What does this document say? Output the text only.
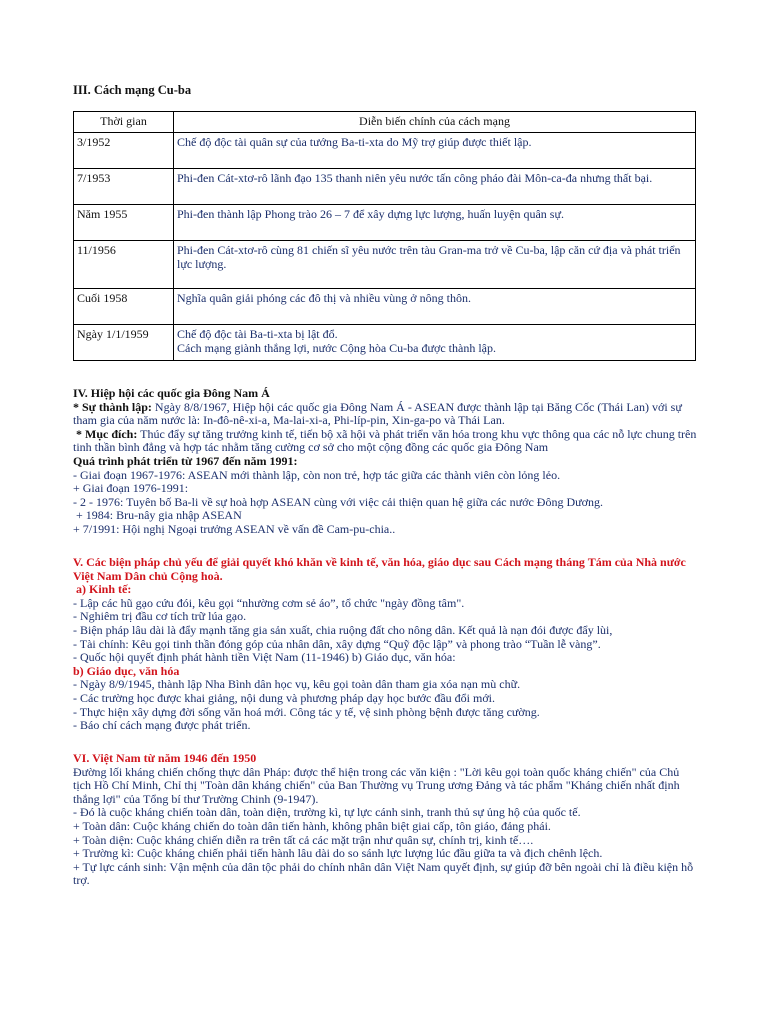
III. Cách mạng Cu-ba
Thời gian	Diễn biến chính của cách mạng
3/1952	Chế độ độc tài quân sự của tướng Ba-ti-xta do Mỹ trợ giúp được thiết lập.

7/1953	Phi-đen Cát-xtơ-rô lãnh đạo 135 thanh niên yêu nước tấn công pháo đài Môn-ca-đa nhưng thất bại.

Năm 1955	Phi-đen thành lập Phong trào 26 – 7 để xây dựng lực lượng, huấn luyện quân sự.

11/1956	Phi-đen Cát-xtơ-rô cùng 81 chiến sĩ yêu nước trên tàu Gran-ma trở về Cu-ba, lập căn cứ địa và phát triển lực lượng.

Cuối 1958	Nghĩa quân giải phóng các đô thị và nhiều vùng ở nông thôn.

Ngày 1/1/1959	Chế độ độc tài Ba-ti-xta bị lật đổ.
Cách mạng giành thắng lợi, nước Cộng hòa Cu-ba được thành lập.
IV. Hiệp hội các quốc gia Đông Nam Á
* Sự thành lập: Ngày 8/8/1967, Hiệp hội các quốc gia Đông Nam Á - ASEAN được thành lập tại Băng Cốc (Thái Lan) với sự tham gia của năm nước là: In-đô-nê-xi-a, Ma-lai-xi-a, Phi-líp-pin, Xin-ga-po và Thái Lan.
* Mục đích: Thúc đẩy sự tăng trưởng kinh tế, tiến bộ xã hội và phát triển văn hóa trong khu vực thông qua các nỗ lực chung trên tinh thần bình đẳng và hợp tác nhằm tăng cường cơ sở cho một cộng đồng các quốc gia Đông Nam
Quá trình phát triển từ 1967 đến năm 1991:
- Giai đoạn 1967-1976: ASEAN mới thành lập, còn non trẻ, hợp tác giữa các thành viên còn lỏng lẻo.
+ Giai đoạn 1976-1991:
- 2 - 1976: Tuyên bố Ba-li về sự hoà hợp ASEAN cùng với việc cải thiện quan hệ giữa các nước Đông Dương.
+ 1984: Bru-nây gia nhập ASEAN
+ 7/1991: Hội nghị Ngoại trưởng ASEAN về vấn đề Cam-pu-chia..
V. Các biện pháp chủ yếu để giải quyết khó khăn về kinh tế, văn hóa, giáo dục sau Cách mạng tháng Tám của Nhà nước Việt Nam Dân chủ Cộng hoà.
a) Kinh tế:
- Lập các hũ gạo cứu đói, kêu gọi “nhường cơm sẻ áo”, tổ chức "ngày đồng tâm".
- Nghiêm trị đầu cơ tích trữ lúa gạo.
- Biện pháp lâu dài là đẩy mạnh tăng gia sản xuất, chia ruộng đất cho nông dân. Kết quả là nạn đói được đẩy lùi,
- Tài chính: Kêu gọi tinh thần đóng góp của nhân dân, xây dựng “Quỹ độc lập” và phong trào “Tuần lễ vàng”.
- Quốc hội quyết định phát hành tiền Việt Nam (11-1946) b) Giáo dục, văn hóa:
b) Giáo dục, văn hóa
- Ngày 8/9/1945, thành lập Nha Bình dân học vụ, kêu gọi toàn dân tham gia xóa nạn mù chữ.
- Các trường học được khai giảng, nội dung và phương pháp dạy học bước đầu đổi mới.
- Thực hiện xây dựng đời sống văn hoá mới. Công tác y tế, vệ sinh phòng bệnh được tăng cường.
- Báo chí cách mạng được phát triển.
VI. Việt Nam từ năm 1946 đến 1950
Đường lối kháng chiến chống thực dân Pháp: được thể hiện trong các văn kiện : "Lời kêu gọi toàn quốc kháng chiến" của Chủ tịch Hồ Chí Minh, Chỉ thị "Toàn dân kháng chiến" của Ban Thường vụ Trung ương Đảng và tác phẩm "Kháng chiến nhất định thắng lợi" của Tổng bí thư Trường Chinh (9-1947).
- Đó là cuộc kháng chiến toàn dân, toàn diện, trường kì, tự lực cánh sinh, tranh thủ sự ủng hộ của quốc tế.
+ Toàn dân: Cuộc kháng chiến do toàn dân tiến hành, không phân biệt giai cấp, tôn giáo, đảng phái.
+ Toàn diện: Cuộc kháng chiến diễn ra trên tất cả các mặt trận như quân sự, chính trị, kinh tế….
+ Trường kì: Cuộc kháng chiến phải tiến hành lâu dài do so sánh lực lượng lúc đầu giữa ta và địch chênh lệch.
+ Tự lực cánh sinh: Vận mệnh của dân tộc phải do chính nhân dân Việt Nam quyết định, sự giúp đỡ bên ngoài chỉ là điều kiện hỗ trợ.
